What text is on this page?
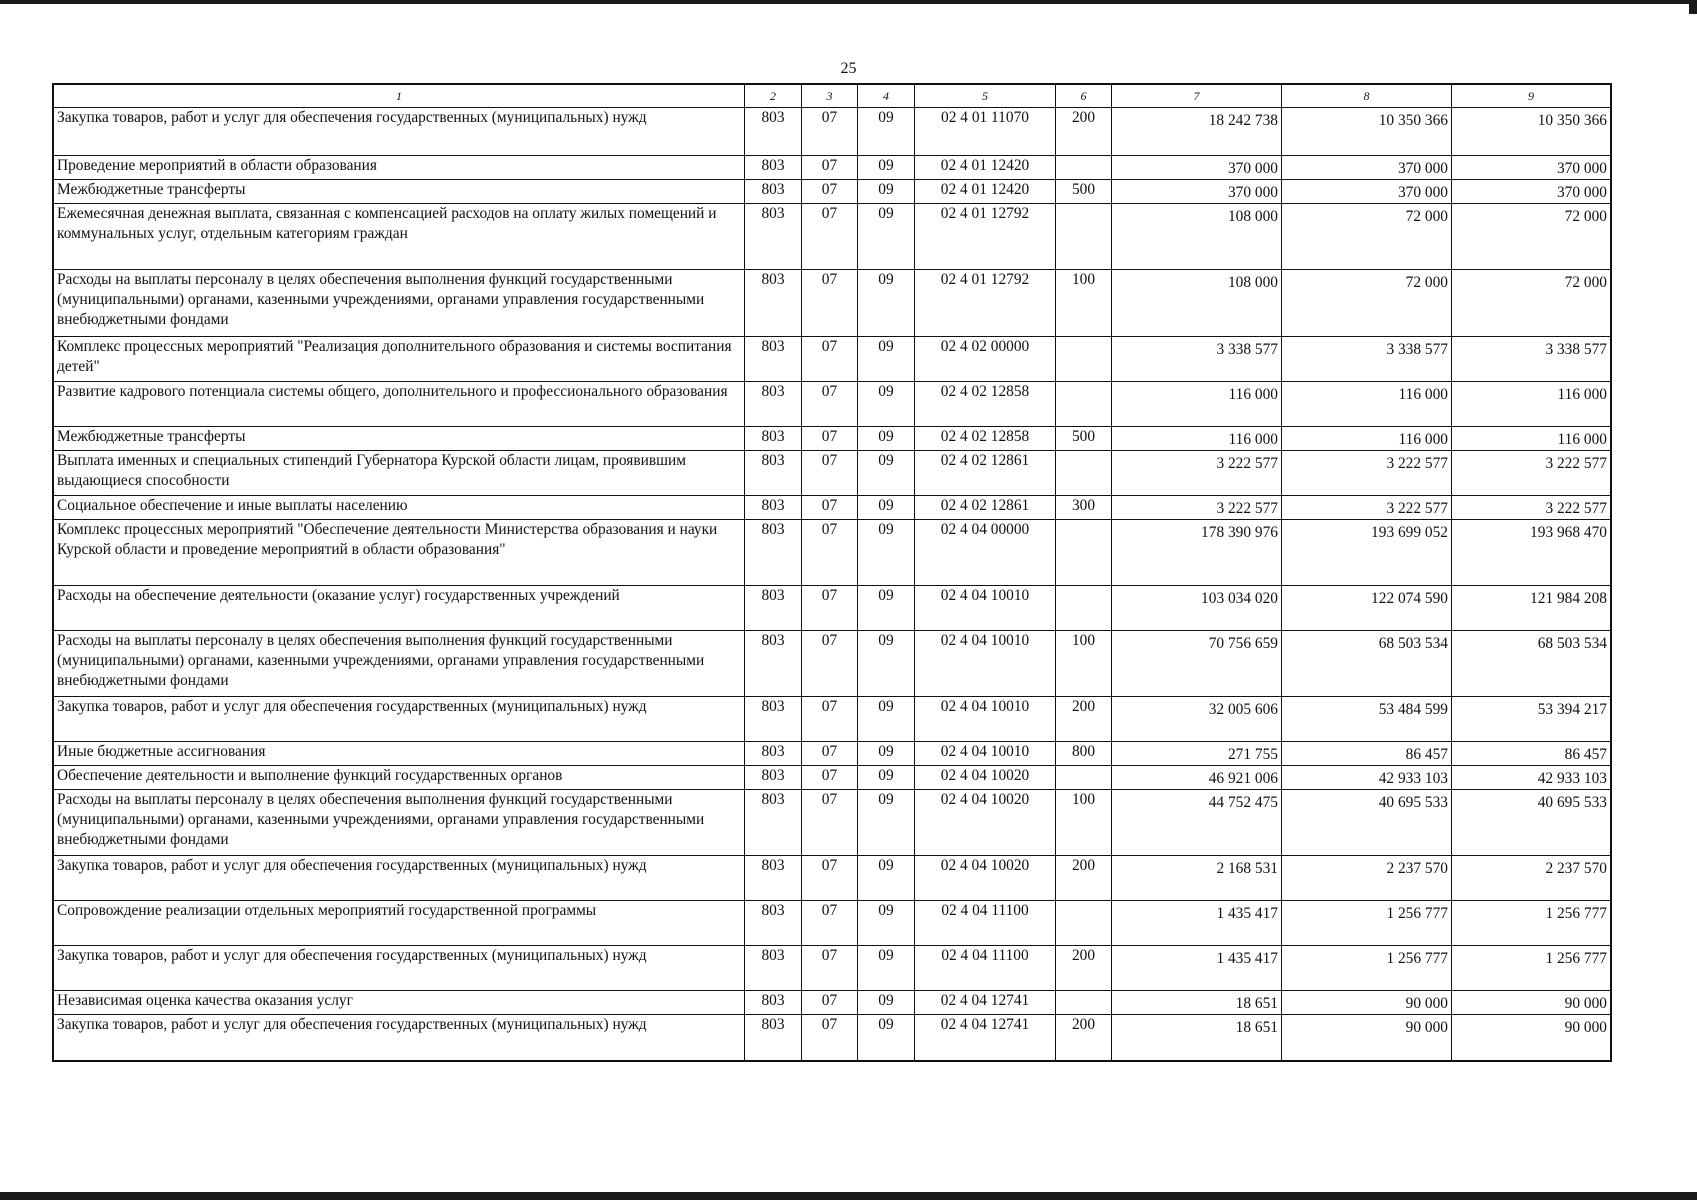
25
1	2	3	4	5	6	7	8	9
Закупка товаров, работ и услуг для обеспечения государственных (муниципальных) нужд	803	07	09	02 4 01 11070	200	18 242 738	10 350 366	10 350 366
Проведение мероприятий в области образования	803	07	09	02 4 01 12420		370 000	370 000	370 000
Межбюджетные трансферты	803	07	09	02 4 01 12420	500	370 000	370 000	370 000
Ежемесячная денежная выплата, связанная с компенсацией расходов на оплату жилых помещений и коммунальных услуг, отдельным категориям граждан	803	07	09	02 4 01 12792		108 000	72 000	72 000
Расходы на выплаты персоналу в целях обеспечения выполнения функций государственными (муниципальными) органами, казенными учреждениями, органами управления государственными внебюджетными фондами	803	07	09	02 4 01 12792	100	108 000	72 000	72 000
Комплекс процессных мероприятий "Реализация дополнительного образования и системы воспитания детей"	803	07	09	02 4 02 00000		3 338 577	3 338 577	3 338 577
Развитие кадрового потенциала системы общего, дополнительного и профессионального образования	803	07	09	02 4 02 12858		116 000	116 000	116 000
Межбюджетные трансферты	803	07	09	02 4 02 12858	500	116 000	116 000	116 000
Выплата именных и специальных стипендий Губернатора Курской области лицам, проявившим выдающиеся способности	803	07	09	02 4 02 12861		3 222 577	3 222 577	3 222 577
Социальное обеспечение и иные выплаты населению	803	07	09	02 4 02 12861	300	3 222 577	3 222 577	3 222 577
Комплекс процессных мероприятий "Обеспечение деятельности Министерства образования и науки Курской области и проведение мероприятий в области образования"	803	07	09	02 4 04 00000		178 390 976	193 699 052	193 968 470
Расходы на обеспечение деятельности (оказание услуг) государственных учреждений	803	07	09	02 4 04 10010		103 034 020	122 074 590	121 984 208
Расходы на выплаты персоналу в целях обеспечения выполнения функций государственными (муниципальными) органами, казенными учреждениями, органами управления государственными внебюджетными фондами	803	07	09	02 4 04 10010	100	70 756 659	68 503 534	68 503 534
Закупка товаров, работ и услуг для обеспечения государственных (муниципальных) нужд	803	07	09	02 4 04 10010	200	32 005 606	53 484 599	53 394 217
Иные бюджетные ассигнования	803	07	09	02 4 04 10010	800	271 755	86 457	86 457
Обеспечение деятельности и выполнение функций государственных органов	803	07	09	02 4 04 10020		46 921 006	42 933 103	42 933 103
Расходы на выплаты персоналу в целях обеспечения выполнения функций государственными (муниципальными) органами, казенными учреждениями, органами управления государственными внебюджетными фондами	803	07	09	02 4 04 10020	100	44 752 475	40 695 533	40 695 533
Закупка товаров, работ и услуг для обеспечения государственных (муниципальных) нужд	803	07	09	02 4 04 10020	200	2 168 531	2 237 570	2 237 570
Сопровождение реализации отдельных мероприятий государственной программы	803	07	09	02 4 04 11100		1 435 417	1 256 777	1 256 777
Закупка товаров, работ и услуг для обеспечения государственных (муниципальных) нужд	803	07	09	02 4 04 11100	200	1 435 417	1 256 777	1 256 777
Независимая оценка качества оказания услуг	803	07	09	02 4 04 12741		18 651	90 000	90 000
Закупка товаров, работ и услуг для обеспечения государственных (муниципальных) нужд	803	07	09	02 4 04 12741	200	18 651	90 000	90 000
